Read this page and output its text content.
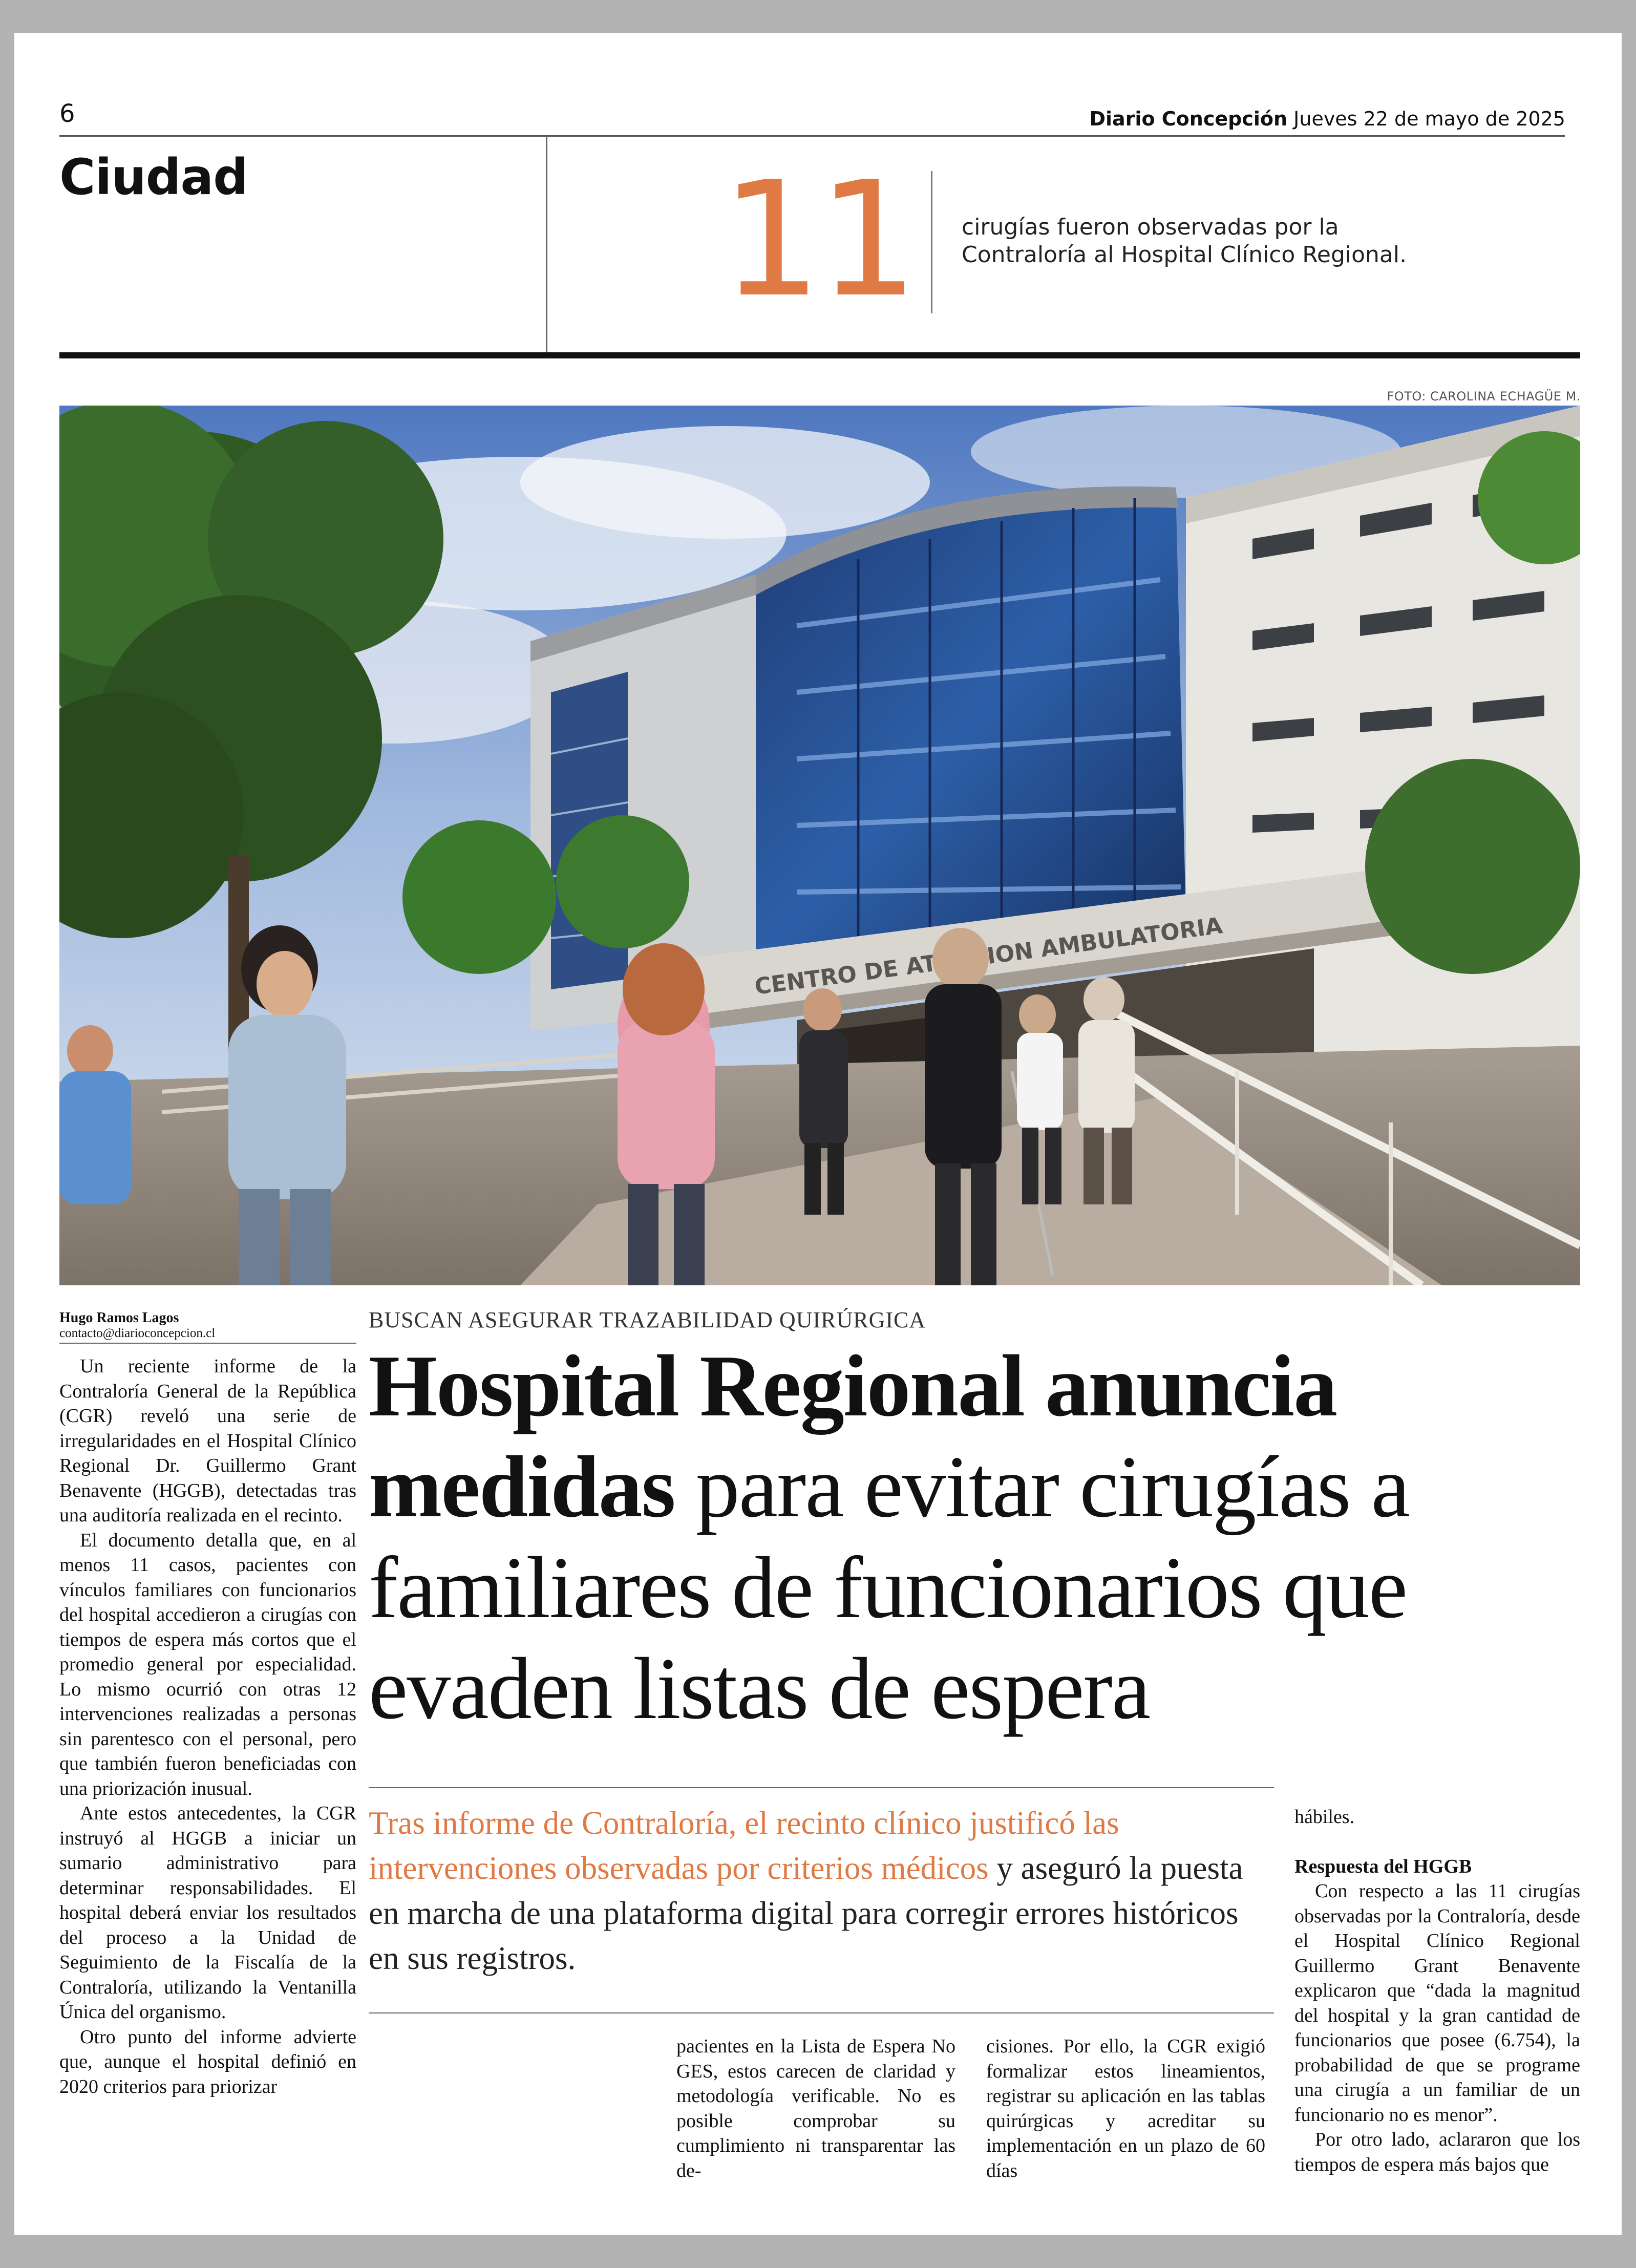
6	Diario Concepción Jueves 22 de mayo de 2025
Ciudad	11 cirugías fueron observadas por la Contraloría al Hospital Clínico Regional.
FOTO: CAROLINA ECHAGÜE M.
CENTRO DE AMBULATORIA
Hugo Ramos Lagos
contacto@diarioconcepcion.cl

Un reciente informe de la Contraloría General de la República (CGR) reveló una serie de irregularidades en el Hospital Clínico Regional Dr. Guillermo Grant Benavente (HGGB), detectadas tras una auditoría realizada en el recinto.

El documento detalla que, en al menos 11 casos, pacientes con vínculos familiares con funcionarios del hospital accedieron a cirugías con tiempos de espera más cortos que el promedio general por especialidad. Lo mismo ocurrió con otras 12 intervenciones realizadas a personas sin parentesco con el personal, pero que también fueron beneficiadas con una priorización inusual.

Ante estos antecedentes, la CGR instruyó al HGGB a iniciar un sumario administrativo para determinar responsabilidades. El hospital deberá enviar los resultados del proceso a la Unidad de Seguimiento de la Fiscalía de la Contraloría, utilizando la Ventanilla Única del organismo.

Otro punto del informe advierte que, aunque el hospital definió en 2020 criterios para priorizar

BUSCAN ASEGURAR TRAZABILIDAD QUIRÚRGICA
Hospital Regional anuncia medidas para evitar cirugías a familiares de funcionarios que evaden listas de espera
Tras informe de Contraloría, el recinto clínico justificó las intervenciones observadas por criterios médicos y aseguró la puesta en marcha de una plataforma digital para corregir errores históricos en sus registros.

pacientes en la Lista de Espera No GES, estos carecen de claridad y metodología verificable. No es posible comprobar su cumplimiento ni transparentar las de-

cisiones. Por ello, la CGR exigió formalizar estos lineamientos, registrar su aplicación en las tablas quirúrgicas y acreditar su implementación en un plazo de 60 días

hábiles.

Respuesta del HGGB

Con respecto a las 11 cirugías observadas por la Contraloría, desde el Hospital Clínico Regional Guillermo Grant Benavente explicaron que “dada la magnitud del hospital y la gran cantidad de funcionarios que posee (6.754), la probabilidad de que se programe una cirugía a un familiar de un funcionario no es menor”.

Por otro lado, aclararon que los tiempos de espera más bajos que
